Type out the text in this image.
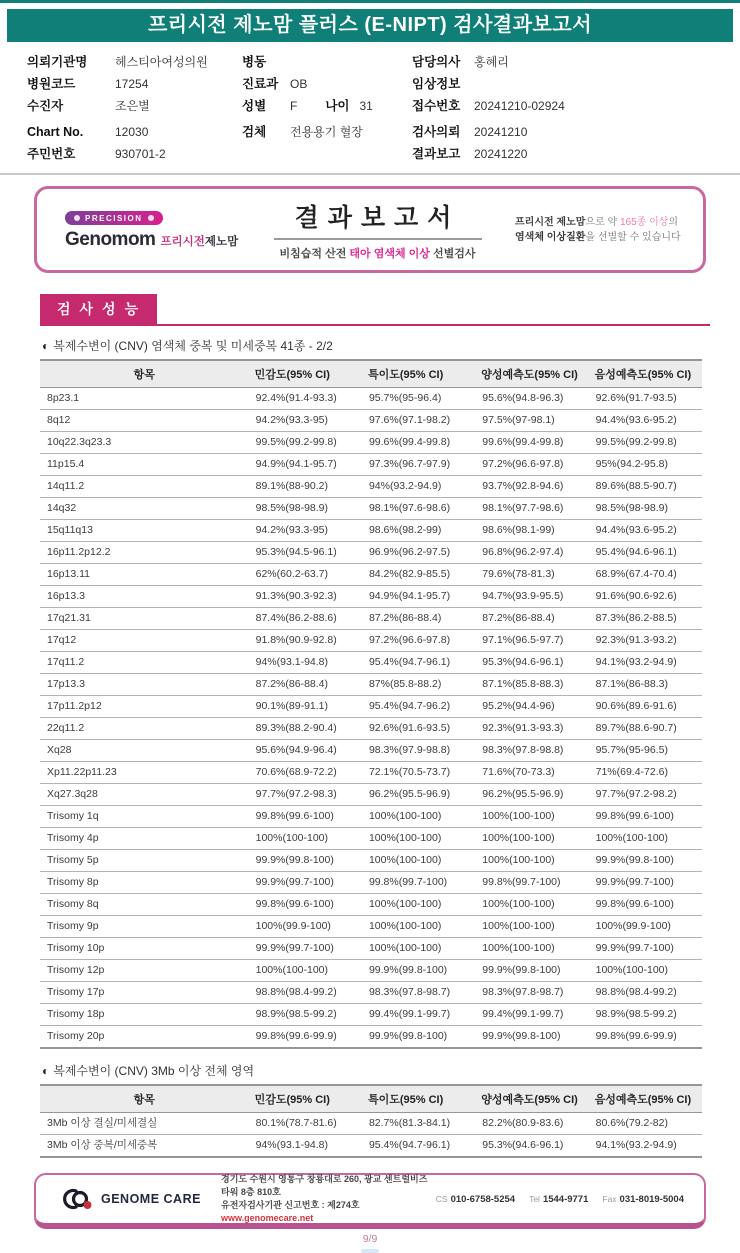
프리시전 제노맘 플러스 (E-NIPT) 검사결과보고서
의뢰기관명	헤스티아여성의원
병원코드	17254
수진자	조은별
Chart No.	12030
주민번호	930701-2
병동
진료과 OB
성별	F 나이 31
검체	전용용기 혈장
담당의사	홍혜리
임상정보
접수번호	20241210-02924
검사의뢰	20241210
결과보고	20241220
PRECISION
Genomom 프리시전제노맘
결과보고서
비침습적 산전 태아 염색체 이상 선별검사
프리시전 제노맘으로 약 165종 이상의
염색체 이상질환을 선별할 수 있습니다
검사성능
◐ 복제수변이 (CNV) 염색체 중복 및 미세중복 41종 - 2/2
항목	민감도(95% CI)	특이도(95% CI)	양성예측도(95% CI)	음성예측도(95% CI)
8p23.1	92.4%(91.4-93.3)	95.7%(95-96.4)	95.6%(94.8-96.3)	92.6%(91.7-93.5)
8q12	94.2%(93.3-95)	97.6%(97.1-98.2)	97.5%(97-98.1)	94.4%(93.6-95.2)
10q22.3q23.3	99.5%(99.2-99.8)	99.6%(99.4-99.8)	99.6%(99.4-99.8)	99.5%(99.2-99.8)
11p15.4	94.9%(94.1-95.7)	97.3%(96.7-97.9)	97.2%(96.6-97.8)	95%(94.2-95.8)
14q11.2	89.1%(88-90.2)	94%(93.2-94.9)	93.7%(92.8-94.6)	89.6%(88.5-90.7)
14q32	98.5%(98-98.9)	98.1%(97.6-98.6)	98.1%(97.7-98.6)	98.5%(98-98.9)
15q11q13	94.2%(93.3-95)	98.6%(98.2-99)	98.6%(98.1-99)	94.4%(93.6-95.2)
16p11.2p12.2	95.3%(94.5-96.1)	96.9%(96.2-97.5)	96.8%(96.2-97.4)	95.4%(94.6-96.1)
16p13.11	62%(60.2-63.7)	84.2%(82.9-85.5)	79.6%(78-81.3)	68.9%(67.4-70.4)
16p13.3	91.3%(90.3-92.3)	94.9%(94.1-95.7)	94.7%(93.9-95.5)	91.6%(90.6-92.6)
17q21.31	87.4%(86.2-88.6)	87.2%(86-88.4)	87.2%(86-88.4)	87.3%(86.2-88.5)
17q12	91.8%(90.9-92.8)	97.2%(96.6-97.8)	97.1%(96.5-97.7)	92.3%(91.3-93.2)
17q11.2	94%(93.1-94.8)	95.4%(94.7-96.1)	95.3%(94.6-96.1)	94.1%(93.2-94.9)
17p13.3	87.2%(86-88.4)	87%(85.8-88.2)	87.1%(85.8-88.3)	87.1%(86-88.3)
17p11.2p12	90.1%(89-91.1)	95.4%(94.7-96.2)	95.2%(94.4-96)	90.6%(89.6-91.6)
22q11.2	89.3%(88.2-90.4)	92.6%(91.6-93.5)	92.3%(91.3-93.3)	89.7%(88.6-90.7)
Xq28	95.6%(94.9-96.4)	98.3%(97.9-98.8)	98.3%(97.8-98.8)	95.7%(95-96.5)
Xp11.22p11.23	70.6%(68.9-72.2)	72.1%(70.5-73.7)	71.6%(70-73.3)	71%(69.4-72.6)
Xq27.3q28	97.7%(97.2-98.3)	96.2%(95.5-96.9)	96.2%(95.5-96.9)	97.7%(97.2-98.2)
Trisomy 1q	99.8%(99.6-100)	100%(100-100)	100%(100-100)	99.8%(99.6-100)
Trisomy 4p	100%(100-100)	100%(100-100)	100%(100-100)	100%(100-100)
Trisomy 5p	99.9%(99.8-100)	100%(100-100)	100%(100-100)	99.9%(99.8-100)
Trisomy 8p	99.9%(99.7-100)	99.8%(99.7-100)	99.8%(99.7-100)	99.9%(99.7-100)
Trisomy 8q	99.8%(99.6-100)	100%(100-100)	100%(100-100)	99.8%(99.6-100)
Trisomy 9p	100%(99.9-100)	100%(100-100)	100%(100-100)	100%(99.9-100)
Trisomy 10p	99.9%(99.7-100)	100%(100-100)	100%(100-100)	99.9%(99.7-100)
Trisomy 12p	100%(100-100)	99.9%(99.8-100)	99.9%(99.8-100)	100%(100-100)
Trisomy 17p	98.8%(98.4-99.2)	98.3%(97.8-98.7)	98.3%(97.8-98.7)	98.8%(98.4-99.2)
Trisomy 18p	98.9%(98.5-99.2)	99.4%(99.1-99.7)	99.4%(99.1-99.7)	98.9%(98.5-99.2)
Trisomy 20p	99.8%(99.6-99.9)	99.9%(99.8-100)	99.9%(99.8-100)	99.8%(99.6-99.9)
◐ 복제수변이 (CNV) 3Mb 이상 전체 영역
항목	민감도(95% CI)	특이도(95% CI)	양성예측도(95% CI)	음성예측도(95% CI)
3Mb 이상 결실/미세결실	80.1%(78.7-81.6)	82.7%(81.3-84.1)	82.2%(80.9-83.6)	80.6%(79.2-82)
3Mb 이상 중복/미세중복	94%(93.1-94.8)	95.4%(94.7-96.1)	95.3%(94.6-96.1)	94.1%(93.2-94.9)
GENOME CARE
경기도 수원시 영통구 창룡대로 260, 광교 센트럴비즈타워 8층 810호
유전자검사기관 신고번호 : 제274호
www.genomecare.net
CS 010-6758-5254 Tel 1544-9771 Fax 031-8019-5004
9/9
